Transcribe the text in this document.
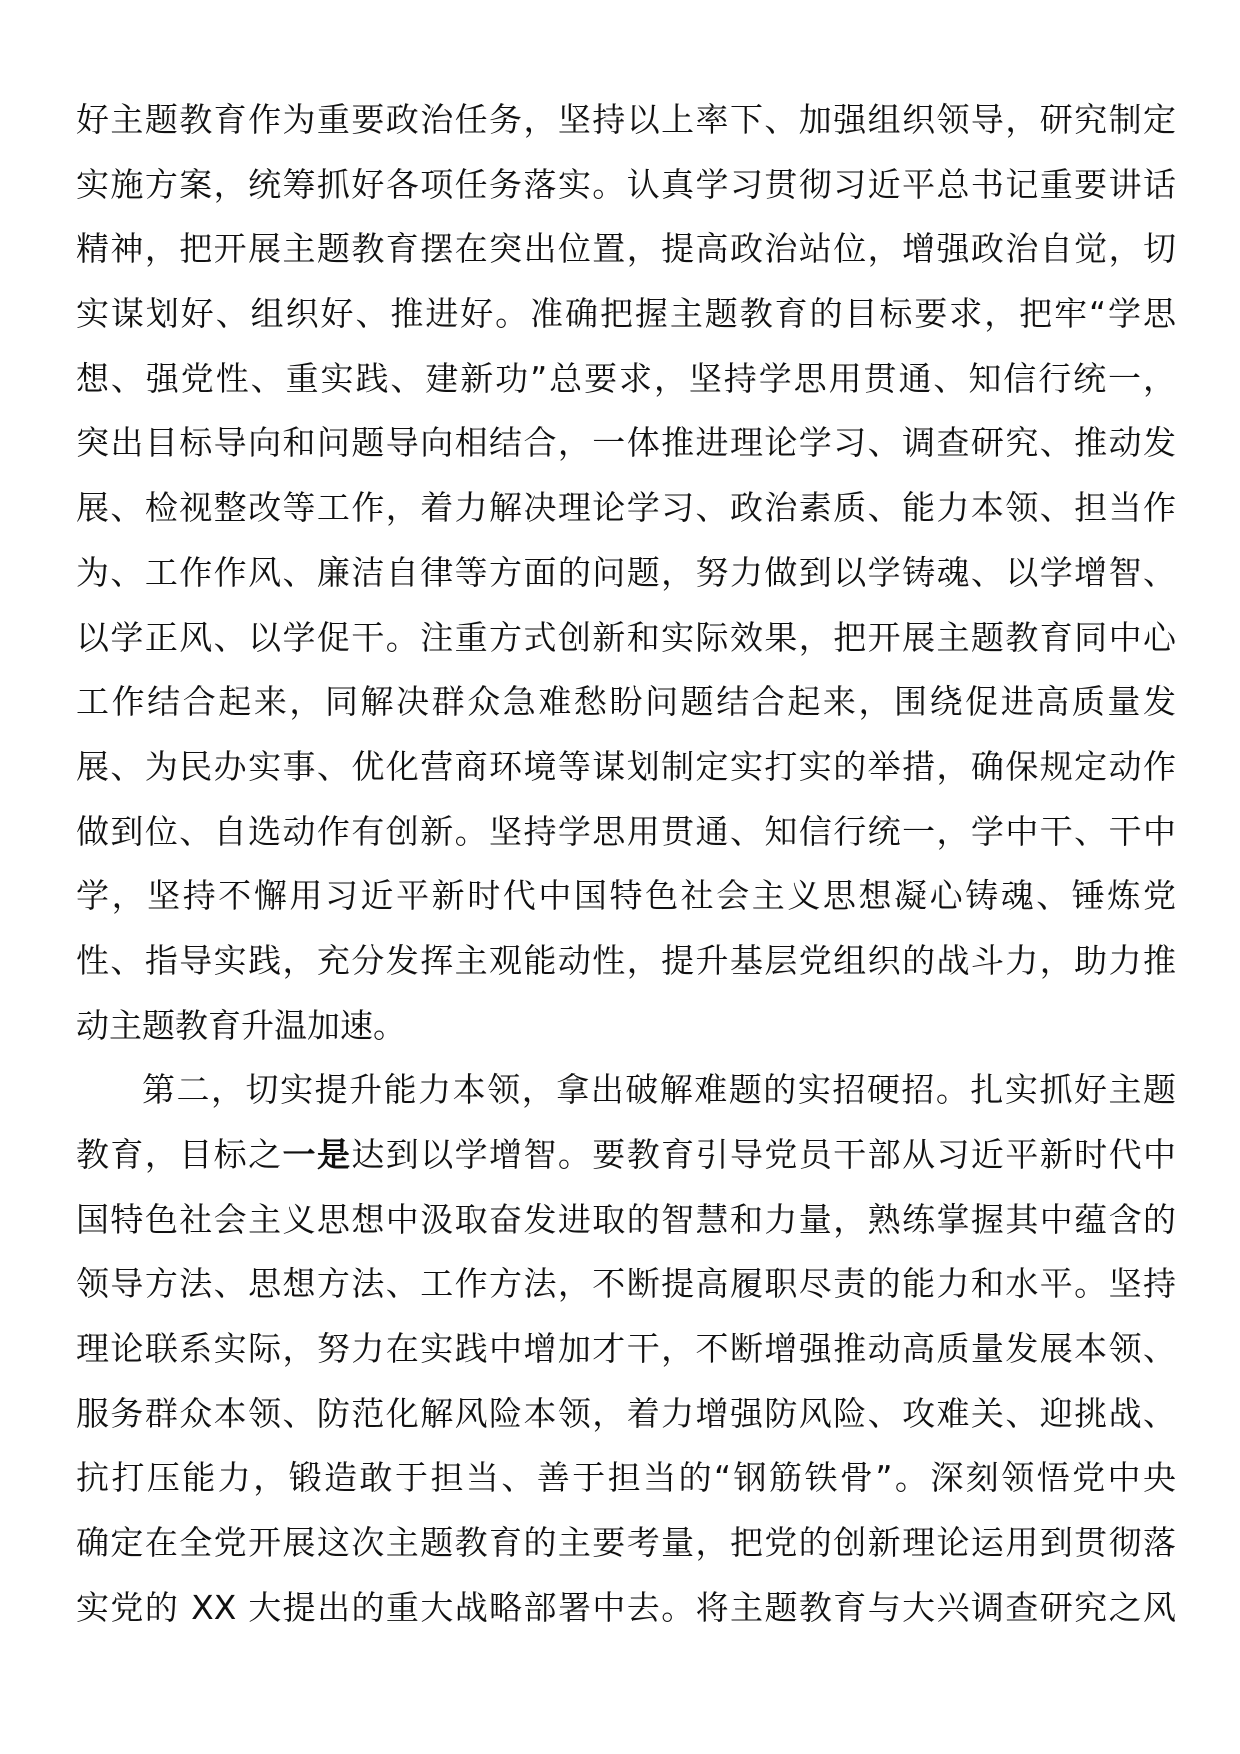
好主题教育作为重要政治任务，坚持以上率下、加强组织领导，研究制定
实施方案，统筹抓好各项任务落实。认真学习贯彻习近平总书记重要讲话
精神，把开展主题教育摆在突出位置，提高政治站位，增强政治自觉，切
实谋划好、组织好、推进好。准确把握主题教育的目标要求，把牢“学思
想、强党性、重实践、建新功”总要求，坚持学思用贯通、知信行统一，
突出目标导向和问题导向相结合，一体推进理论学习、调查研究、推动发
展、检视整改等工作，着力解决理论学习、政治素质、能力本领、担当作
为、工作作风、廉洁自律等方面的问题，努力做到以学铸魂、以学增智、
以学正风、以学促干。注重方式创新和实际效果，把开展主题教育同中心
工作结合起来，同解决群众急难愁盼问题结合起来，围绕促进高质量发
展、为民办实事、优化营商环境等谋划制定实打实的举措，确保规定动作
做到位、自选动作有创新。坚持学思用贯通、知信行统一，学中干、干中
学，坚持不懈用习近平新时代中国特色社会主义思想凝心铸魂、锤炼党
性、指导实践，充分发挥主观能动性，提升基层党组织的战斗力，助力推
动主题教育升温加速。
第二，切实提升能力本领，拿出破解难题的实招硬招。扎实抓好主题
教育，目标之一是达到以学增智。要教育引导党员干部从习近平新时代中
国特色社会主义思想中汲取奋发进取的智慧和力量，熟练掌握其中蕴含的
领导方法、思想方法、工作方法，不断提高履职尽责的能力和水平。坚持
理论联系实际，努力在实践中增加才干，不断增强推动高质量发展本领、
服务群众本领、防范化解风险本领，着力增强防风险、攻难关、迎挑战、
抗打压能力，锻造敢于担当、善于担当的“钢筋铁骨”。深刻领悟党中央
确定在全党开展这次主题教育的主要考量，把党的创新理论运用到贯彻落
实党的 XX 大提出的重大战略部署中去。将主题教育与大兴调查研究之风
